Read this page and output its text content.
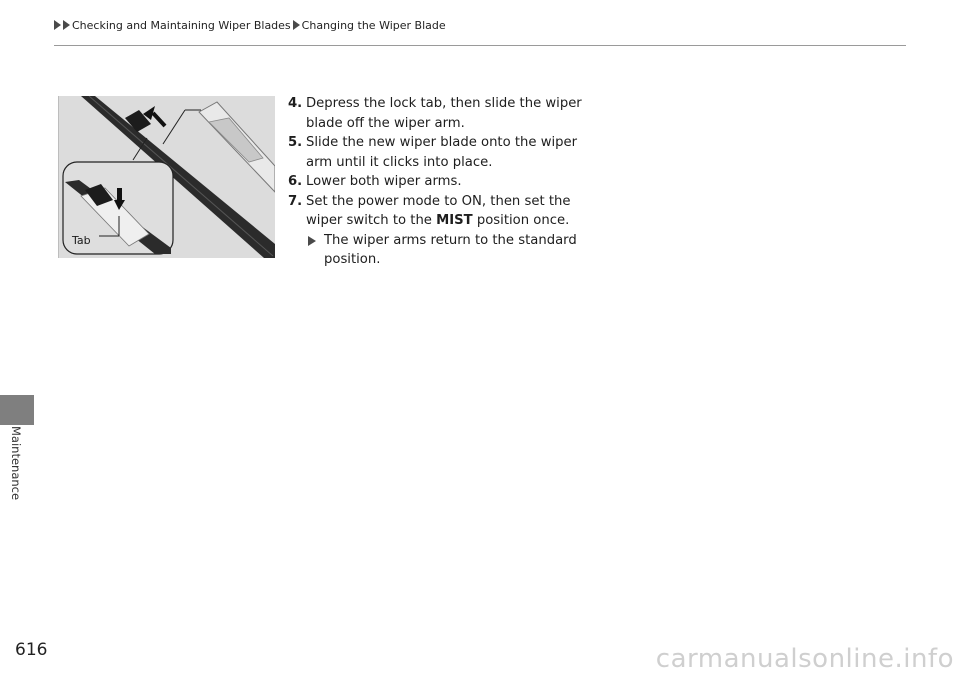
Checking and Maintaining Wiper Blades Changing the Wiper Blade
Tab
4. Depress the lock tab, then slide the wiper blade off the wiper arm.
5. Slide the new wiper blade onto the wiper arm until it clicks into place.
6. Lower both wiper arms.
7. Set the power mode to ON, then set the wiper switch to the MIST position once.
The wiper arms return to the standard position.
Maintenance
616	carmanualsonline.info
